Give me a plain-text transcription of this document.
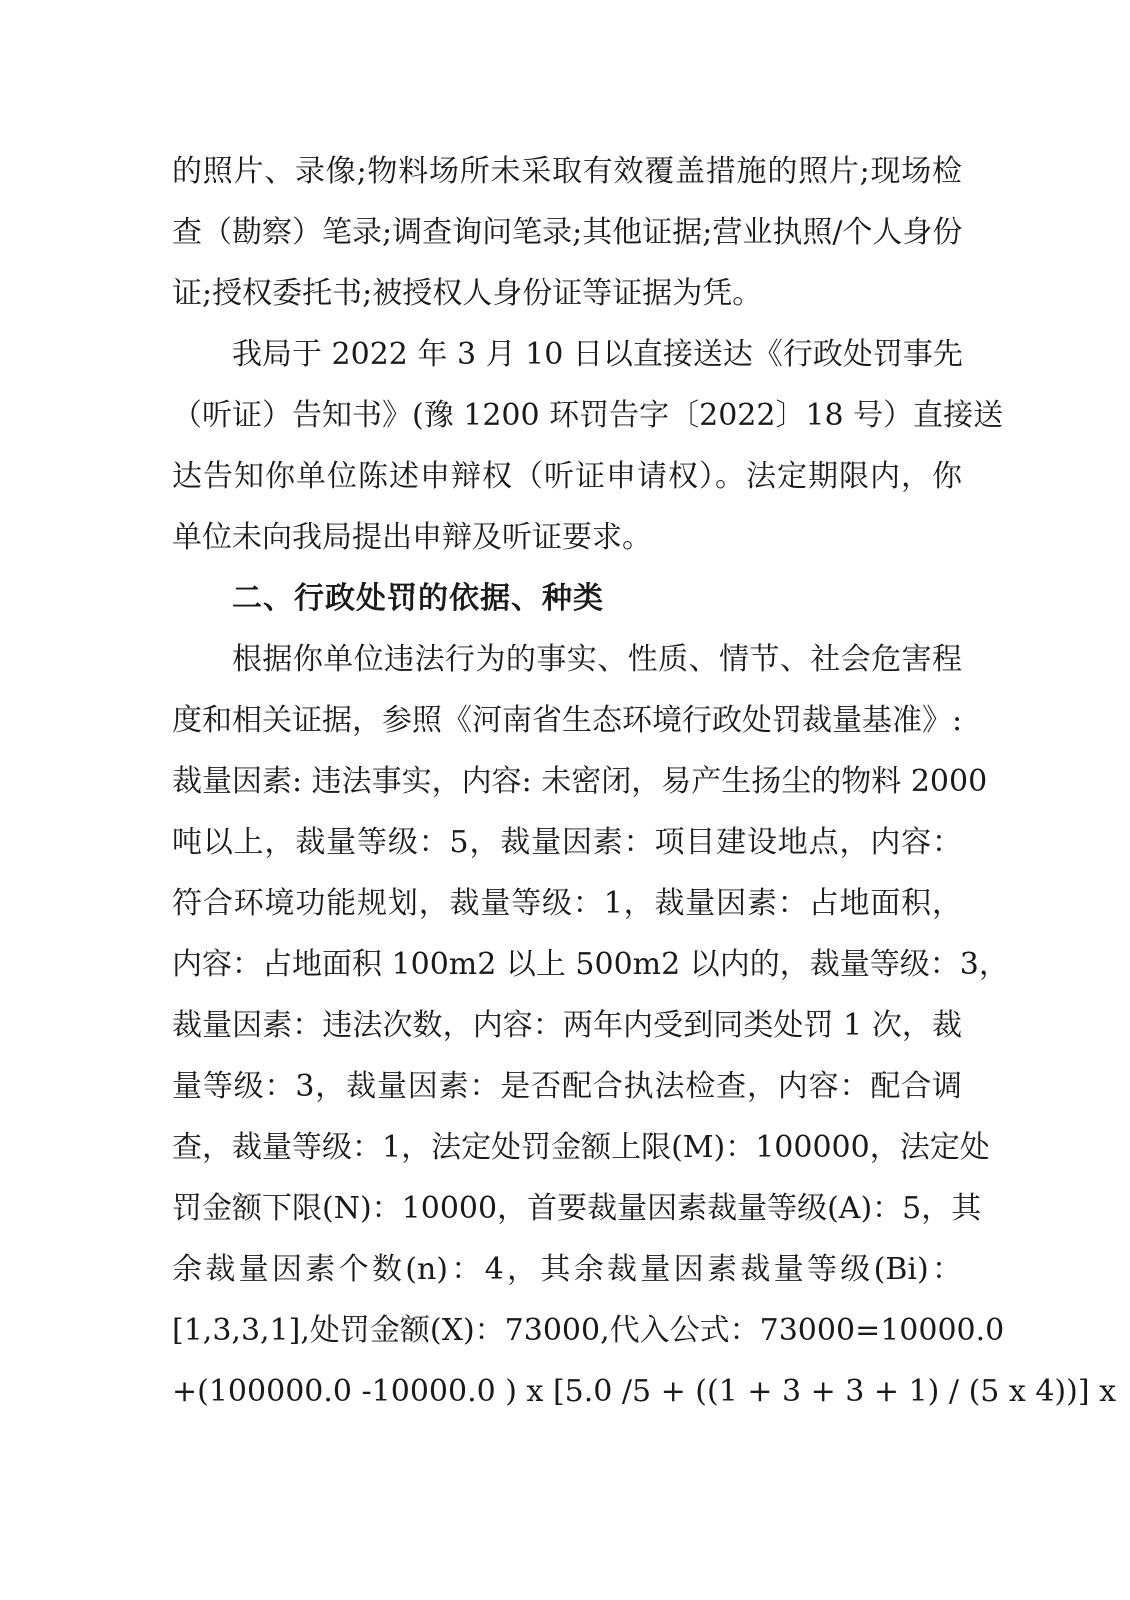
的照片、录像;物料场所未采取有效覆盖措施的照片;现场检
查（勘察）笔录;调查询问笔录;其他证据;营业执照/个人身份
证;授权委托书;被授权人身份证等证据为凭。
我局于 2022 年 3 月 10 日以直接送达《行政处罚事先
（听证）告知书》(豫 1200 环罚告字〔2022〕18 号）直接送
达告知你单位陈述申辩权（听证申请权）。法定期限内，你
单位未向我局提出申辩及听证要求。
二、行政处罚的依据、种类
根据你单位违法行为的事实、性质、情节、社会危害程
度和相关证据，参照《河南省生态环境行政处罚裁量基准》:
裁量因素: 违法事实，内容: 未密闭，易产生扬尘的物料 2000
吨以上，裁量等级：5，裁量因素：项目建设地点，内容：
符合环境功能规划，裁量等级：1，裁量因素：占地面积，
内容：占地面积 100m2 以上 500m2 以内的，裁量等级：3，
裁量因素：违法次数，内容：两年内受到同类处罚 1 次，裁
量等级：3，裁量因素：是否配合执法检查，内容：配合调
查，裁量等级：1，法定处罚金额上限(M)：100000，法定处
罚金额下限(N)：10000，首要裁量因素裁量等级(A)：5，其
余裁量因素个数(n)：4，其余裁量因素裁量等级(Bi)：
[1,3,3,1],处罚金额(X)：73000,代入公式：73000=10000.0
+(100000.0 -10000.0 ) x [5.0 /5 + ((1 + 3 + 3 + 1) / (5 x 4))] x
